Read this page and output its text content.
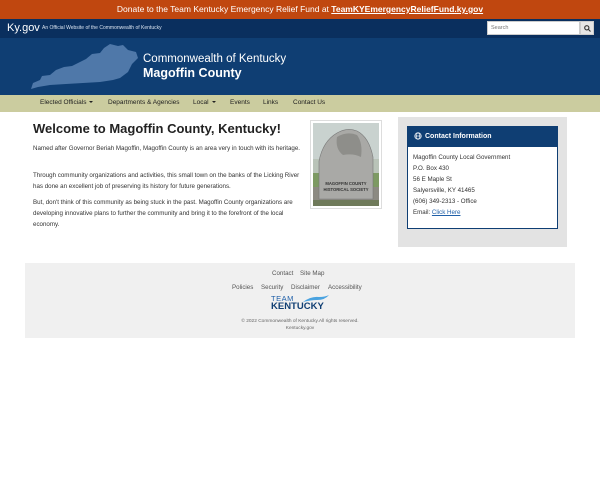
Donate to the Team Kentucky Emergency Relief Fund at TeamKYEmergencyReliefFund.ky.gov
Ky.gov An Official Website of the Commonwealth of Kentucky
Search
Commonwealth of Kentucky
Magoffin County
Elected Officials	Departments & Agencies Local	Events Links Contact Us
Welcome to Magoffin County, Kentucky!

Named after Governor Beriah Magoffin, Magoffin County is an area very in touch with its heritage.

Through community organizations and activities, this small town on the banks of the Licking River has done an excellent job of preserving its history for future generations.

But, don't think of this community as being stuck in the past. Magoffin County organizations are developing innovative plans to further the community and bring it to the forefront of the local economy.

MAGOFFIN COUNTY
HISTORICAL SOCIETY
Contact Information
Magoffin County Local Government
P.O. Box 430
56 E Maple St
Salyersville, KY 41465
(606) 349-2313 - Office
Email: Click Here
Contact Site Map
Policies Security Disclaimer Accessibility
TEAM
KENTUCKY
© 2022 Commonwealth of Kentucky.All rights reserved.
Kentucky.gov
